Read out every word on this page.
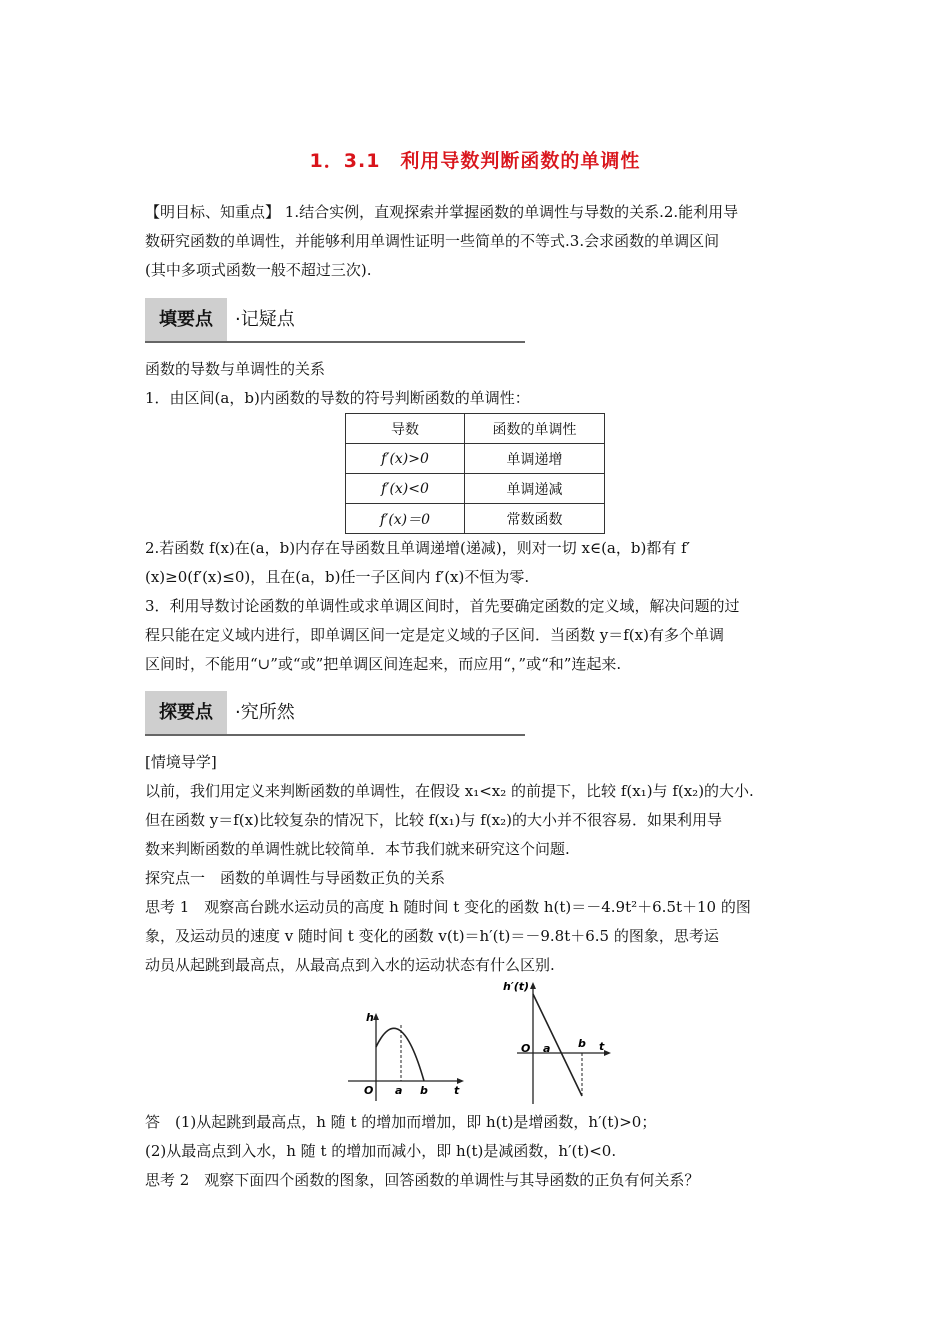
1．3.1　利用导数判断函数的单调性
【明目标、知重点】 1.结合实例，直观探索并掌握函数的单调性与导数的关系.2.能利用导
数研究函数的单调性，并能够利用单调性证明一些简单的不等式.3.会求函数的单调区间
(其中多项式函数一般不超过三次).
填要点	·记疑点
函数的导数与单调性的关系
1．由区间(a，b)内函数的导数的符号判断函数的单调性：
导数	函数的单调性
f′(x)>0	单调递增
f′(x)<0	单调递减
f′(x)＝0	常数函数
2.若函数 f(x)在(a，b)内存在导函数且单调递增(递减)，则对一切 x∈(a，b)都有 f′
(x)≥0(f′(x)≤0)，且在(a，b)任一子区间内 f′(x)不恒为零.
3．利用导数讨论函数的单调性或求单调区间时，首先要确定函数的定义域，解决问题的过
程只能在定义域内进行，即单调区间一定是定义域的子区间．当函数 y＝f(x)有多个单调
区间时，不能用“∪”或“或”把单调区间连起来，而应用“，”或“和”连起来.
探要点	·究所然
[情境导学]
以前，我们用定义来判断函数的单调性，在假设 x₁<x₂ 的前提下，比较 f(x₁)与 f(x₂)的大小.
但在函数 y＝f(x)比较复杂的情况下，比较 f(x₁)与 f(x₂)的大小并不很容易．如果利用导
数来判断函数的单调性就比较简单．本节我们就来研究这个问题.
探究点一　函数的单调性与导函数正负的关系
思考 1　观察高台跳水运动员的高度 h 随时间 t 变化的函数 h(t)＝－4.9t²＋6.5t＋10 的图
象，及运动员的速度 v 随时间 t 变化的函数 v(t)＝h′(t)＝－9.8t＋6.5 的图象，思考运
动员从起跳到最高点，从最高点到入水的运动状态有什么区别.
h
O a b t
h′(t)
O a	b t
答　(1)从起跳到最高点，h 随 t 的增加而增加，即 h(t)是增函数，h′(t)>0；
(2)从最高点到入水，h 随 t 的增加而减小，即 h(t)是减函数，h′(t)<0.
思考 2　观察下面四个函数的图象，回答函数的单调性与其导函数的正负有何关系？
